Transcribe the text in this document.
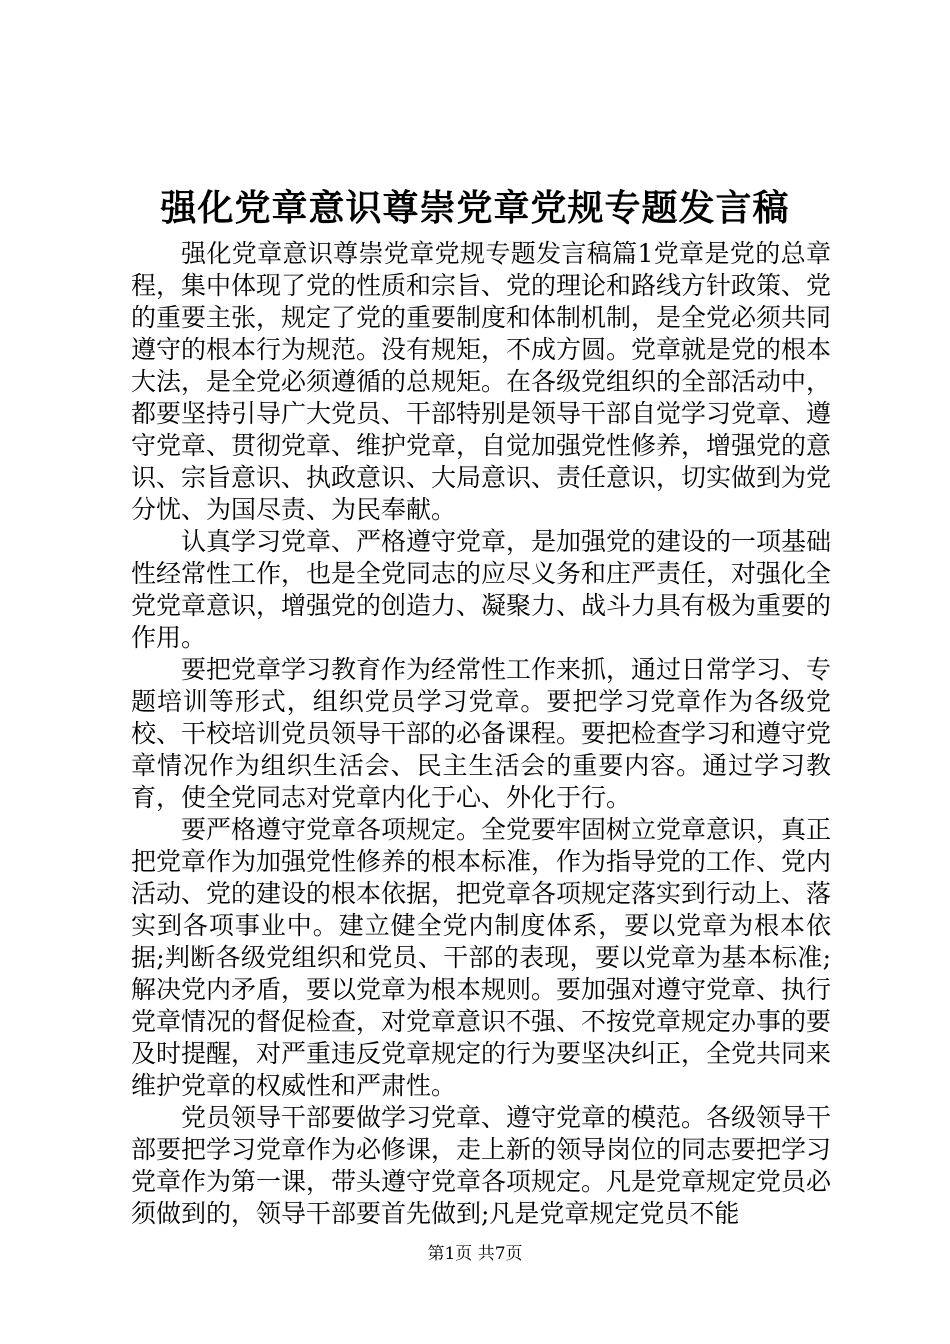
强化党章意识尊崇党章党规专题发言稿

强化党章意识尊崇党章党规专题发言稿篇1党章是党的总章程，集中体现了党的性质和宗旨、党的理论和路线方针政策、党的重要主张，规定了党的重要制度和体制机制，是全党必须共同遵守的根本行为规范。没有规矩，不成方圆。党章就是党的根本大法，是全党必须遵循的总规矩。在各级党组织的全部活动中，都要坚持引导广大党员、干部特别是领导干部自觉学习党章、遵守党章、贯彻党章、维护党章，自觉加强党性修养，增强党的意识、宗旨意识、执政意识、大局意识、责任意识，切实做到为党分忧、为国尽责、为民奉献。

认真学习党章、严格遵守党章，是加强党的建设的一项基础性经常性工作，也是全党同志的应尽义务和庄严责任，对强化全党党章意识，增强党的创造力、凝聚力、战斗力具有极为重要的作用。

要把党章学习教育作为经常性工作来抓，通过日常学习、专题培训等形式，组织党员学习党章。要把学习党章作为各级党校、干校培训党员领导干部的必备课程。要把检查学习和遵守党章情况作为组织生活会、民主生活会的重要内容。通过学习教育，使全党同志对党章内化于心、外化于行。

要严格遵守党章各项规定。全党要牢固树立党章意识，真正把党章作为加强党性修养的根本标准，作为指导党的工作、党内活动、党的建设的根本依据，把党章各项规定落实到行动上、落实到各项事业中。建立健全党内制度体系，要以党章为根本依据;判断各级党组织和党员、干部的表现，要以党章为基本标准;解决党内矛盾，要以党章为根本规则。要加强对遵守党章、执行党章情况的督促检查，对党章意识不强、不按党章规定办事的要及时提醒，对严重违反党章规定的行为要坚决纠正，全党共同来维护党章的权威性和严肃性。

党员领导干部要做学习党章、遵守党章的模范。各级领导干部要把学习党章作为必修课，走上新的领导岗位的同志要把学习党章作为第一课，带头遵守党章各项规定。凡是党章规定党员必须做到的，领导干部要首先做到;凡是党章规定党员不能

第1页 共7页
